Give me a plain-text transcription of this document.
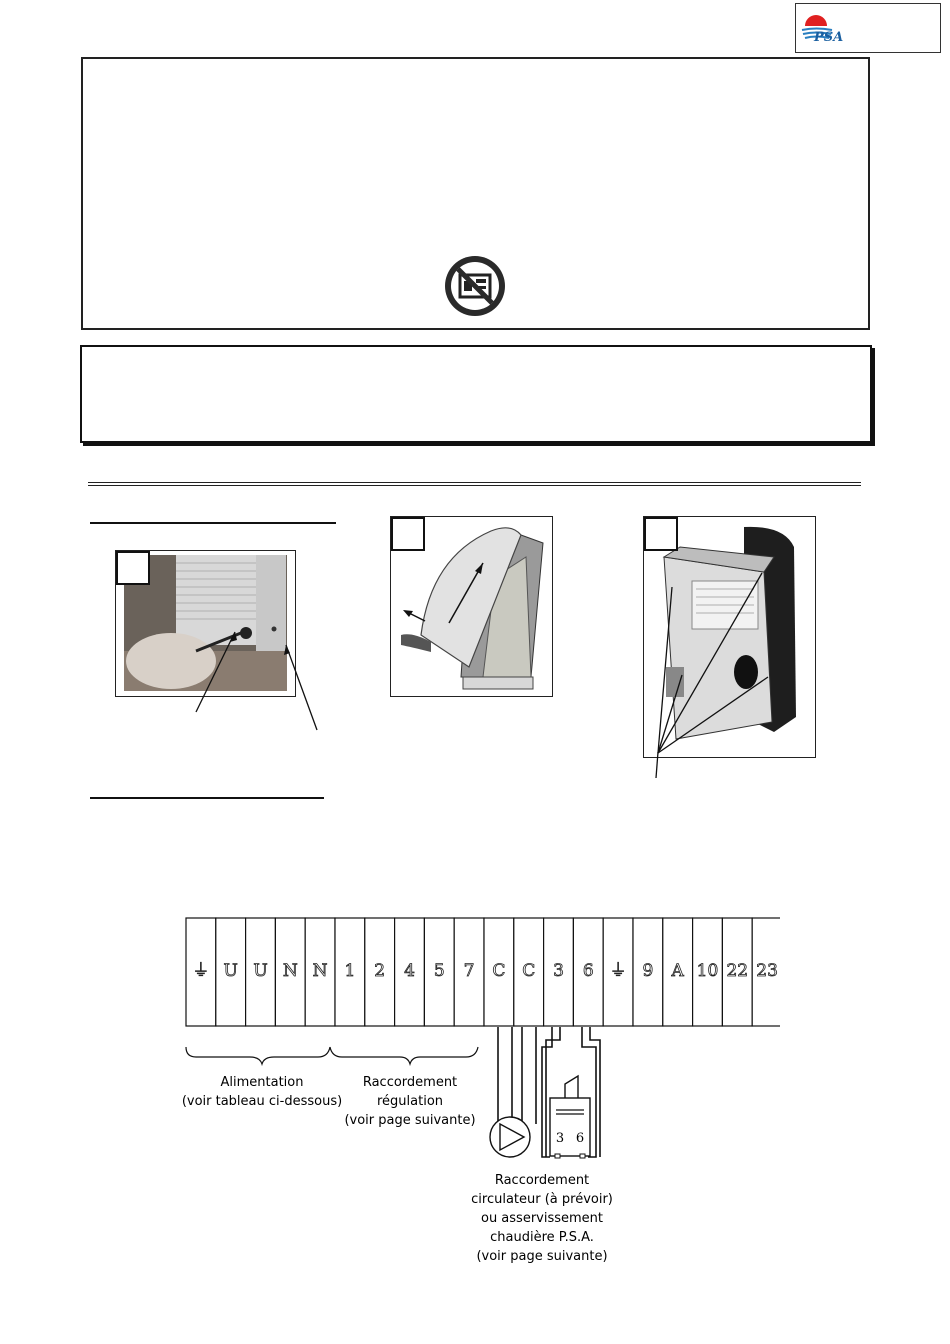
PSA
⏚ U U N N 1 2 4 5 7 C C 3 6 ⏚ 9 A 10 22 23
Alimentation
(voir tableau ci-dessous)
Raccordement
régulation
(voir page suivante)
3 6
Raccordement
circulateur (à prévoir)
ou asservissement
chaudière P.S.A.
(voir page suivante)
